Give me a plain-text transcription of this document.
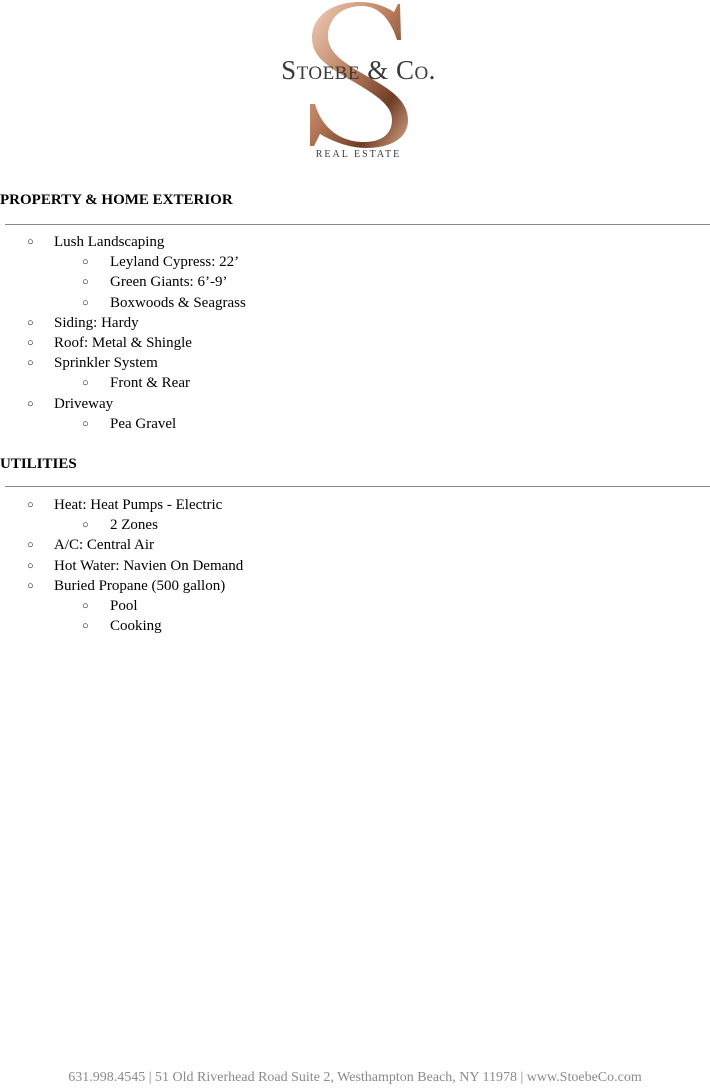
Stoebe & Co.
REAL ESTATE
PROPERTY & HOME EXTERIOR
○ Lush Landscaping
○ Leyland Cypress: 22’
○ Green Giants: 6’-9’
○ Boxwoods & Seagrass
○ Siding: Hardy
○ Roof: Metal & Shingle
○ Sprinkler System
○ Front & Rear
○ Driveway
○ Pea Gravel
UTILITIES
○ Heat: Heat Pumps - Electric
○ 2 Zones
○ A/C: Central Air
○ Hot Water: Navien On Demand
○ Buried Propane (500 gallon)
○ Pool
○ Cooking
631.998.4545 | 51 Old Riverhead Road Suite 2, Westhampton Beach, NY 11978 | www.StoebeCo.com
